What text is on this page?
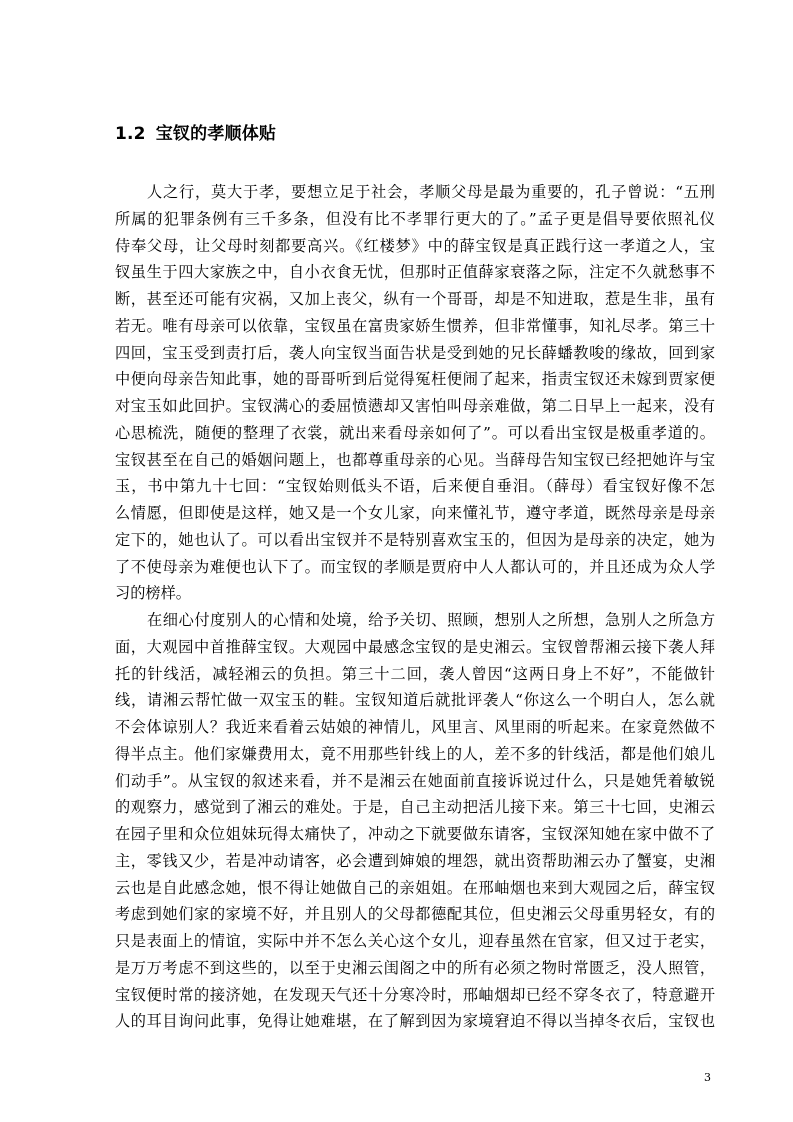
1.2 宝钗的孝顺体贴
人之行，莫大于孝，要想立足于社会，孝顺父母是最为重要的，孔子曾说：“五刑
所属的犯罪条例有三千多条，但没有比不孝罪行更大的了。”孟子更是倡导要依照礼仪
侍奉父母，让父母时刻都要高兴。《红楼梦》中的薛宝钗是真正践行这一孝道之人，宝
钗虽生于四大家族之中，自小衣食无忧，但那时正值薛家衰落之际，注定不久就愁事不
断，甚至还可能有灾祸，又加上丧父，纵有一个哥哥，却是不知进取，惹是生非，虽有
若无。唯有母亲可以依靠，宝钗虽在富贵家娇生惯养，但非常懂事，知礼尽孝。第三十
四回，宝玉受到责打后，袭人向宝钗当面告状是受到她的兄长薛蟠教唆的缘故，回到家
中便向母亲告知此事，她的哥哥听到后觉得冤枉便闹了起来，指责宝钗还未嫁到贾家便
对宝玉如此回护。宝钗满心的委屈愤懑却又害怕叫母亲难做，第二日早上一起来，没有
心思梳洗，随便的整理了衣裳，就出来看母亲如何了”。可以看出宝钗是极重孝道的。
宝钗甚至在自己的婚姻问题上，也都尊重母亲的心见。当薛母告知宝钗已经把她许与宝
玉，书中第九十七回：“宝钗始则低头不语，后来便自垂泪。（薛母）看宝钗好像不怎
么情愿，但即使是这样，她又是一个女儿家，向来懂礼节，遵守孝道，既然母亲是母亲
定下的，她也认了。可以看出宝钗并不是特别喜欢宝玉的，但因为是母亲的决定，她为
了不使母亲为难便也认下了。而宝钗的孝顺是贾府中人人都认可的，并且还成为众人学
习的榜样。
在细心付度别人的心情和处境，给予关切、照顾，想别人之所想，急别人之所急方
面，大观园中首推薛宝钗。大观园中最感念宝钗的是史湘云。宝钗曾帮湘云接下袭人拜
托的针线活，减轻湘云的负担。第三十二回，袭人曾因“这两日身上不好”，不能做针
线，请湘云帮忙做一双宝玉的鞋。宝钗知道后就批评袭人“你这么一个明白人，怎么就
不会体谅别人？我近来看着云姑娘的神情儿，风里言、风里雨的听起来。在家竟然做不
得半点主。他们家嫌费用太，竟不用那些针线上的人，差不多的针线活，都是他们娘儿
们动手”。从宝钗的叙述来看，并不是湘云在她面前直接诉说过什么，只是她凭着敏锐
的观察力，感觉到了湘云的难处。于是，自己主动把活儿接下来。第三十七回，史湘云
在园子里和众位姐妹玩得太痛快了，冲动之下就要做东请客，宝钗深知她在家中做不了
主，零钱又少，若是冲动请客，必会遭到婶娘的埋怨，就出资帮助湘云办了蟹宴，史湘
云也是自此感念她，恨不得让她做自己的亲姐姐。在邢岫烟也来到大观园之后，薛宝钗
考虑到她们家的家境不好，并且别人的父母都德配其位，但史湘云父母重男轻女，有的
只是表面上的情谊，实际中并不怎么关心这个女儿，迎春虽然在官家，但又过于老实，
是万万考虑不到这些的，以至于史湘云闺阁之中的所有必须之物时常匮乏，没人照管，
宝钗便时常的接济她，在发现天气还十分寒冷时，邢岫烟却已经不穿冬衣了，特意避开
人的耳目询问此事，免得让她难堪，在了解到因为家境窘迫不得以当掉冬衣后，宝钗也
3
